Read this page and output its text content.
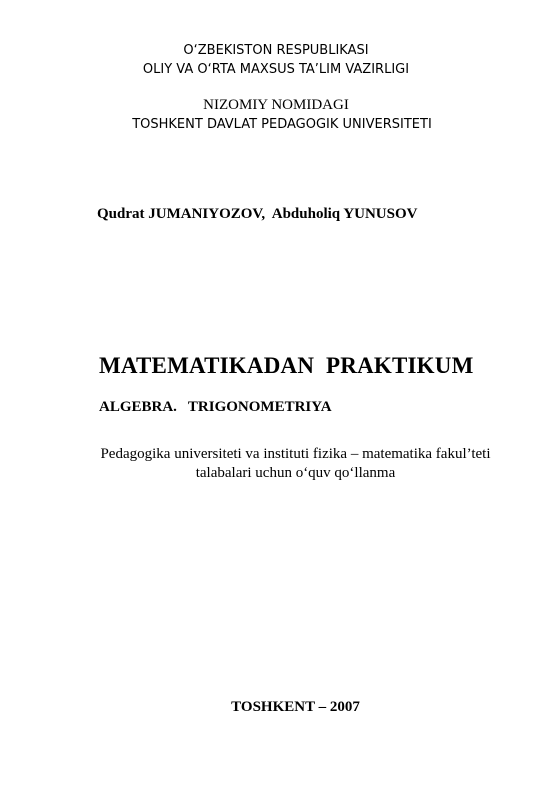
O‘ZBEKISTON RESPUBLIKASI
OLIY VA O‘RTA MAXSUS TA’LIM VAZIRLIGI
NIZOMIY NOMIDAGI
TOSHKENT DAVLAT PEDAGOGIK UNIVERSITETI
Qudrat JUMANIYOZOV,  Abduholiq YUNUSOV
MATEMATIKADAN  PRAKTIKUM
ALGEBRA.   TRIGONOMETRIYA
Pedagogika universiteti va instituti fizika – matematika fakul’teti
talabalari uchun o‘quv qo‘llanma
TOSHKENT – 2007
